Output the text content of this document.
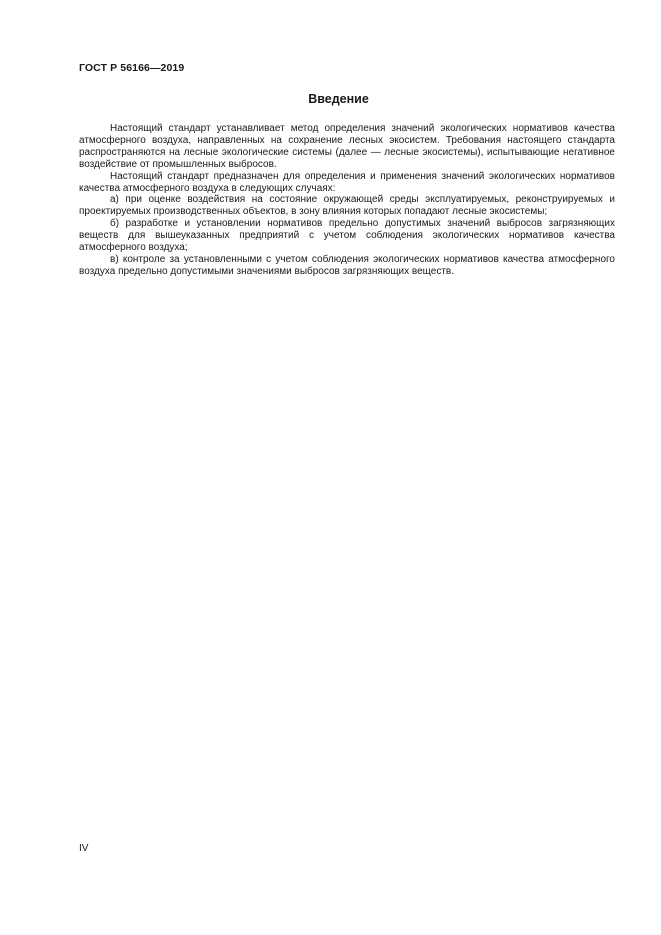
ГОСТ Р 56166—2019
Введение

Настоящий стандарт устанавливает метод определения значений экологических нормативов качества атмосферного воздуха, направленных на сохранение лесных экосистем. Требования настоящего стандарта распространяются на лесные экологические системы (далее — лесные экосистемы), испытывающие негативное воздействие от промышленных выбросов.

Настоящий стандарт предназначен для определения и применения значений экологических нормативов качества атмосферного воздуха в следующих случаях:

а) при оценке воздействия на состояние окружающей среды эксплуатируемых, реконструируемых и проектируемых производственных объектов, в зону влияния которых попадают лесные экосистемы;

б) разработке и установлении нормативов предельно допустимых значений выбросов загрязняющих веществ для вышеуказанных предприятий с учетом соблюдения экологических нормативов качества атмосферного воздуха;

в) контроле за установленными с учетом соблюдения экологических нормативов качества атмосферного воздуха предельно допустимыми значениями выбросов загрязняющих веществ.

IV
